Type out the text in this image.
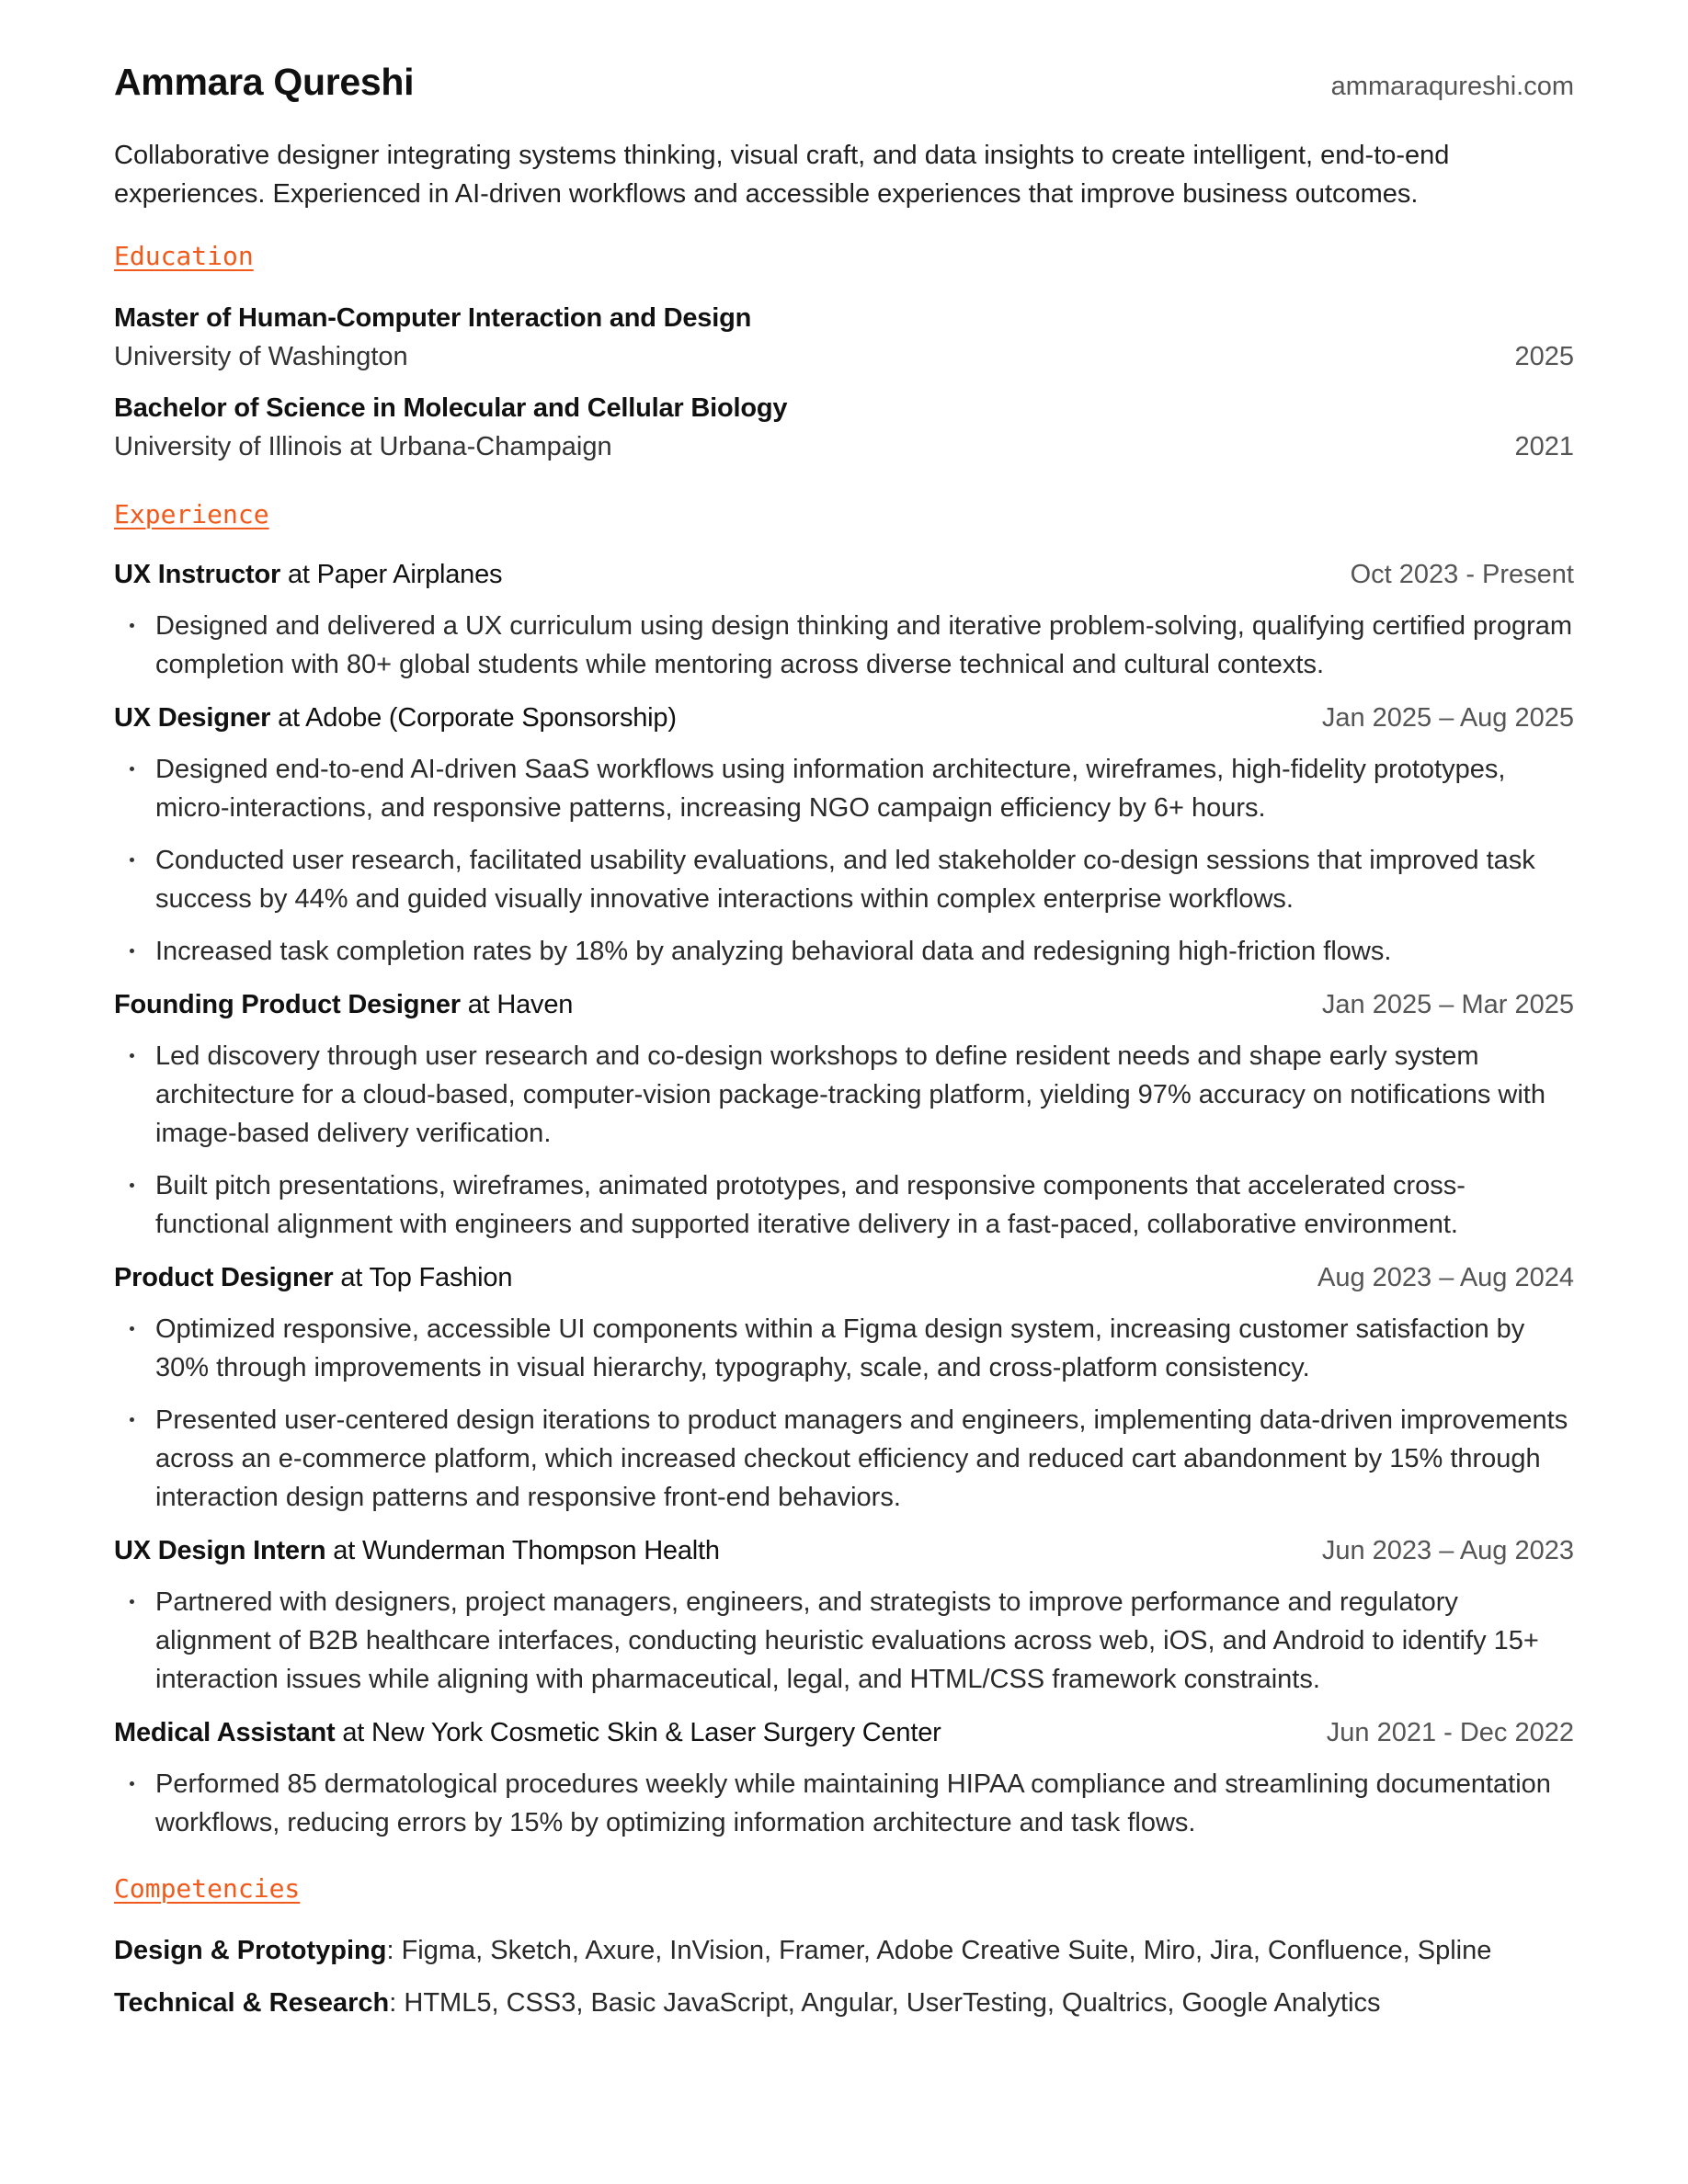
Ammara Qureshi	ammaraqureshi.com
Collaborative designer integrating systems thinking, visual craft, and data insights to create intelligent, end-to-end experiences. Experienced in AI-driven workflows and accessible experiences that improve business outcomes.
Education
Master of Human-Computer Interaction and Design
University of Washington	2025
Bachelor of Science in Molecular and Cellular Biology
University of Illinois at Urbana-Champaign	2021
Experience
UX Instructor at Paper Airplanes	Oct 2023 - Present
Designed and delivered a UX curriculum using design thinking and iterative problem-solving, qualifying certified program completion with 80+ global students while mentoring across diverse technical and cultural contexts.
UX Designer at Adobe (Corporate Sponsorship)	Jan 2025 – Aug 2025
Designed end-to-end AI-driven SaaS workflows using information architecture, wireframes, high-fidelity prototypes, micro-interactions, and responsive patterns, increasing NGO campaign efficiency by 6+ hours.
Conducted user research, facilitated usability evaluations, and led stakeholder co-design sessions that improved task success by 44% and guided visually innovative interactions within complex enterprise workflows.
Increased task completion rates by 18% by analyzing behavioral data and redesigning high-friction flows.
Founding Product Designer at Haven	Jan 2025 – Mar 2025
Led discovery through user research and co-design workshops to define resident needs and shape early system architecture for a cloud-based, computer-vision package-tracking platform, yielding 97% accuracy on notifications with image-based delivery verification.
Built pitch presentations, wireframes, animated prototypes, and responsive components that accelerated cross-functional alignment with engineers and supported iterative delivery in a fast-paced, collaborative environment.
Product Designer at Top Fashion	Aug 2023 – Aug 2024
Optimized responsive, accessible UI components within a Figma design system, increasing customer satisfaction by 30% through improvements in visual hierarchy, typography, scale, and cross-platform consistency.
Presented user-centered design iterations to product managers and engineers, implementing data-driven improvements across an e-commerce platform, which increased checkout efficiency and reduced cart abandonment by 15% through interaction design patterns and responsive front-end behaviors.
UX Design Intern at Wunderman Thompson Health	Jun 2023 – Aug 2023
Partnered with designers, project managers, engineers, and strategists to improve performance and regulatory alignment of B2B healthcare interfaces, conducting heuristic evaluations across web, iOS, and Android to identify 15+ interaction issues while aligning with pharmaceutical, legal, and HTML/CSS framework constraints.
Medical Assistant at New York Cosmetic Skin & Laser Surgery Center	Jun 2021 - Dec 2022
Performed 85 dermatological procedures weekly while maintaining HIPAA compliance and streamlining documentation workflows, reducing errors by 15% by optimizing information architecture and task flows.
Competencies
Design & Prototyping: Figma, Sketch, Axure, InVision, Framer, Adobe Creative Suite, Miro, Jira, Confluence, Spline
Technical & Research: HTML5, CSS3, Basic JavaScript, Angular, UserTesting, Qualtrics, Google Analytics
